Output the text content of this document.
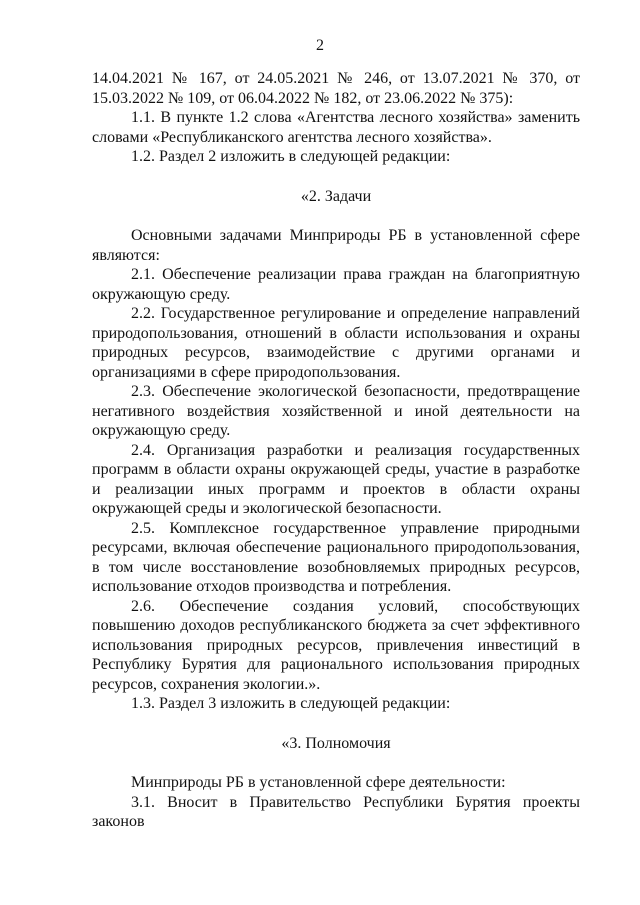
2

14.04.2021 № 167, от 24.05.2021 № 246, от 13.07.2021 № 370, от 15.03.2022 № 109, от 06.04.2022 № 182, от 23.06.2022 № 375):

1.1. В пункте 1.2 слова «Агентства лесного хозяйства» заменить словами «Республиканского агентства лесного хозяйства».

1.2. Раздел 2 изложить в следующей редакции:

«2. Задачи

Основными задачами Минприроды РБ в установленной сфере являются:

2.1. Обеспечение реализации права граждан на благоприятную окружающую среду.

2.2. Государственное регулирование и определение направлений природопользования, отношений в области использования и охраны природных ресурсов, взаимодействие с другими органами и организациями в сфере природопользования.

2.3. Обеспечение экологической безопасности, предотвращение негативного воздействия хозяйственной и иной деятельности на окружающую среду.

2.4. Организация разработки и реализация государственных программ в области охраны окружающей среды, участие в разработке и реализации иных программ и проектов в области охраны окружающей среды и экологической безопасности.

2.5. Комплексное государственное управление природными ресурсами, включая обеспечение рационального природопользования, в том числе восстановление возобновляемых природных ресурсов, использование отходов производства и потребления.

2.6. Обеспечение создания условий, способствующих повышению доходов республиканского бюджета за счет эффективного использования природных ресурсов, привлечения инвестиций в Республику Бурятия для рационального использования природных ресурсов, сохранения экологии.».

1.3. Раздел 3 изложить в следующей редакции:

«3. Полномочия

Минприроды РБ в установленной сфере деятельности:

3.1. Вносит в Правительство Республики Бурятия проекты законов
